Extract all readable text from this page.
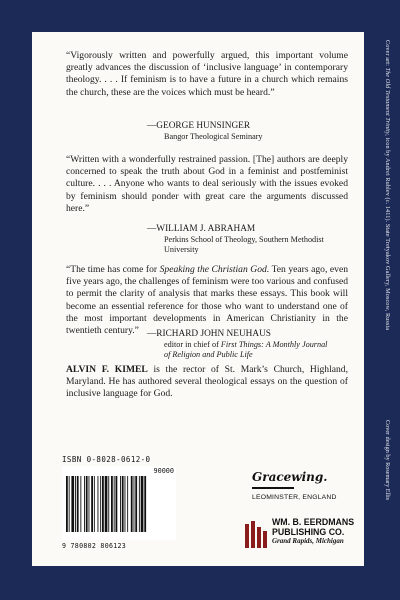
“Vigorously written and powerfully argued, this important volume greatly advances the discussion of ‘inclusive language’ in contemporary theology. . . . If feminism is to have a future in a church which remains the church, these are the voices which must be heard.”

—GEORGE HUNSINGER
Bangor Theological Seminary

“Written with a wonderfully restrained passion. [The] authors are deeply concerned to speak the truth about God in a feminist and postfeminist culture. . . . Anyone who wants to deal seriously with the issues evoked by feminism should ponder with great care the arguments discussed here.”

—WILLIAM J. ABRAHAM
Perkins School of Theology, Southern Methodist University

“The time has come for Speaking the Christian God. Ten years ago, even five years ago, the challenges of feminism were too various and confused to permit the clarity of analysis that marks these essays. This book will become an essential reference for those who want to understand one of the most important developments in American Christianity in the twentieth century.” —RICHARD JOHN NEUHAUS
editor in chief of First Things: A Monthly Journal of Religion and Public Life

ALVIN F. KIMEL is the rector of St. Mark’s Church, Highland, Maryland. He has authored several theological essays on the question of inclusive language for God.

ISBN 0-8028-0612-0
90000
9 780802 806123
Gracewing.
LEOMINSTER, ENGLAND
WM. B. EERDMANS
PUBLISHING CO.
Grand Rapids, Michigan
Cover art: The Old Testament Trinity, icon by Andrei Rublev (c. 1411). State Tretyakov Gallery, Moscow, Russia
Cover design by Rosemary Ellis
